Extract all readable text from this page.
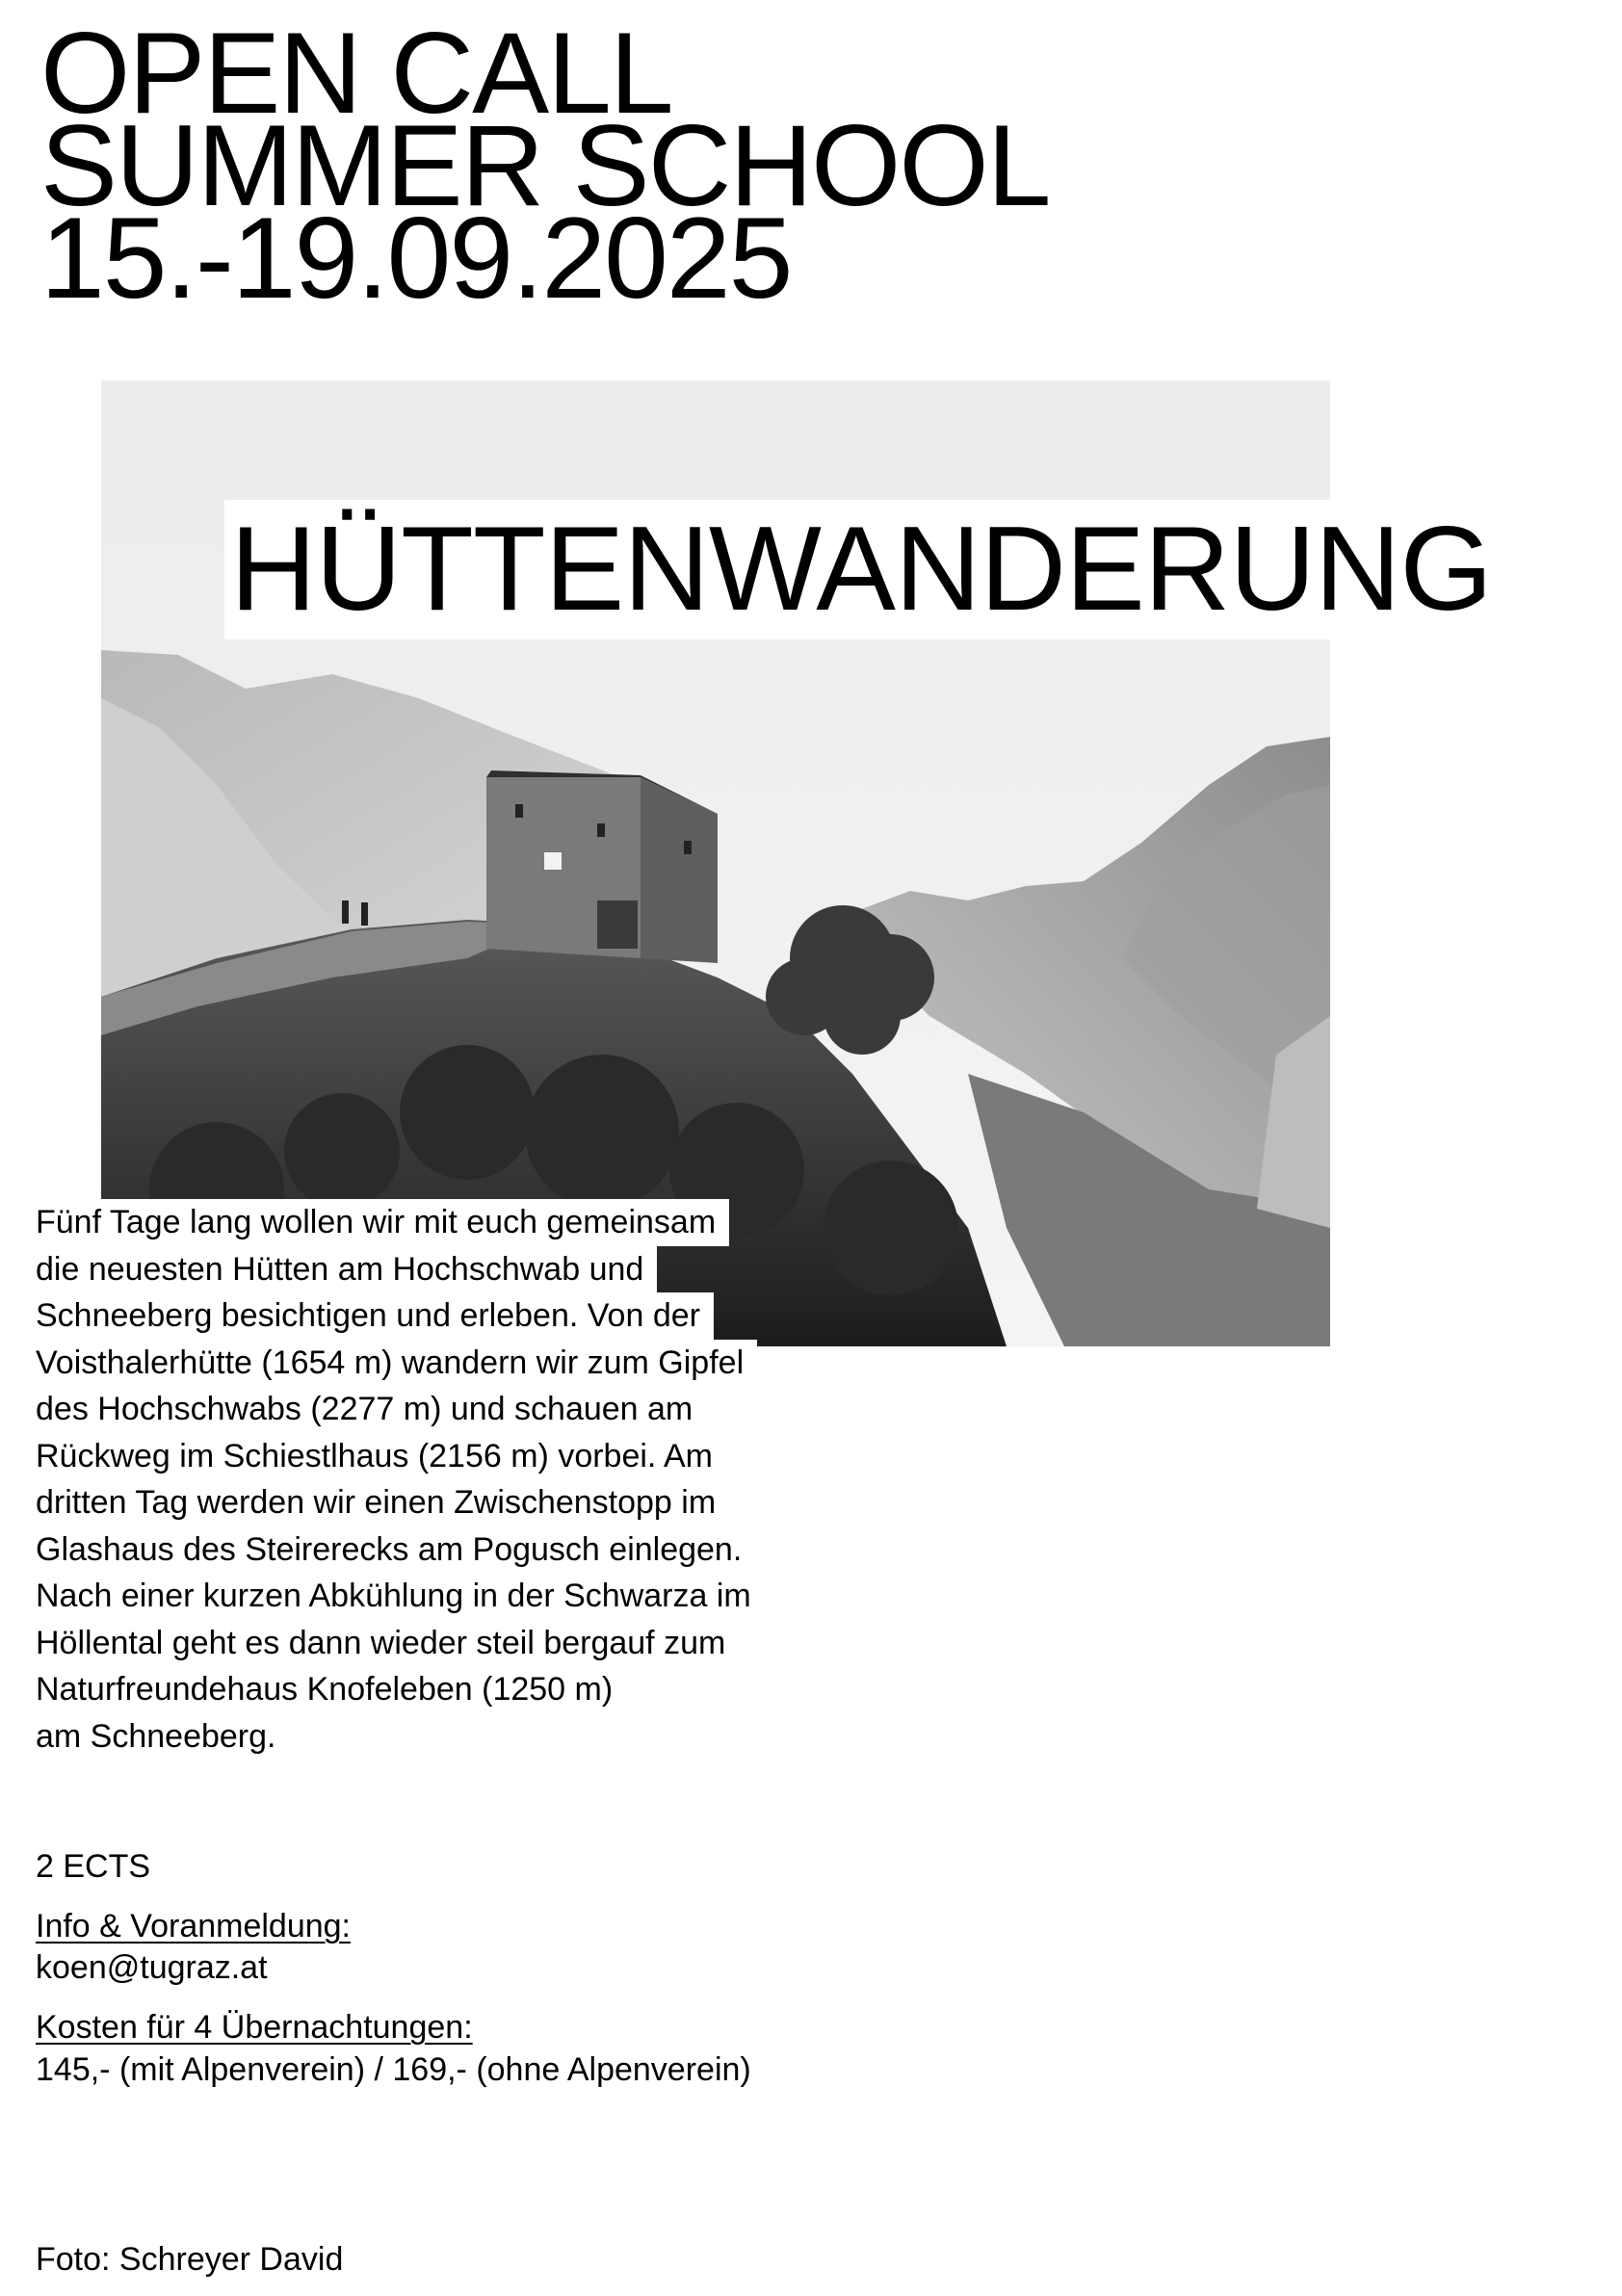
OPEN CALL
SUMMER SCHOOL
15.-19.09.2025
HÜTTENWANDERUNG
Fünf Tage lang wollen wir mit euch gemeinsam
die neuesten Hütten am Hochschwab und
Schneeberg besichtigen und erleben. Von der
Voisthalerhütte (1654 m) wandern wir zum Gipfel
des Hochschwabs (2277 m) und schauen am
Rückweg im Schiestlhaus (2156 m) vorbei. Am
dritten Tag werden wir einen Zwischenstopp im
Glashaus des Steirerecks am Pogusch einlegen.
Nach einer kurzen Abkühlung in der Schwarza im
Höllental geht es dann wieder steil bergauf zum
Naturfreundehaus Knofeleben (1250 m)
am Schneeberg.
2 ECTS
Info & Voranmeldung:
koen@tugraz.at
Kosten für 4 Übernachtungen:
145,- (mit Alpenverein) / 169,- (ohne Alpenverein)
Foto: Schreyer David
